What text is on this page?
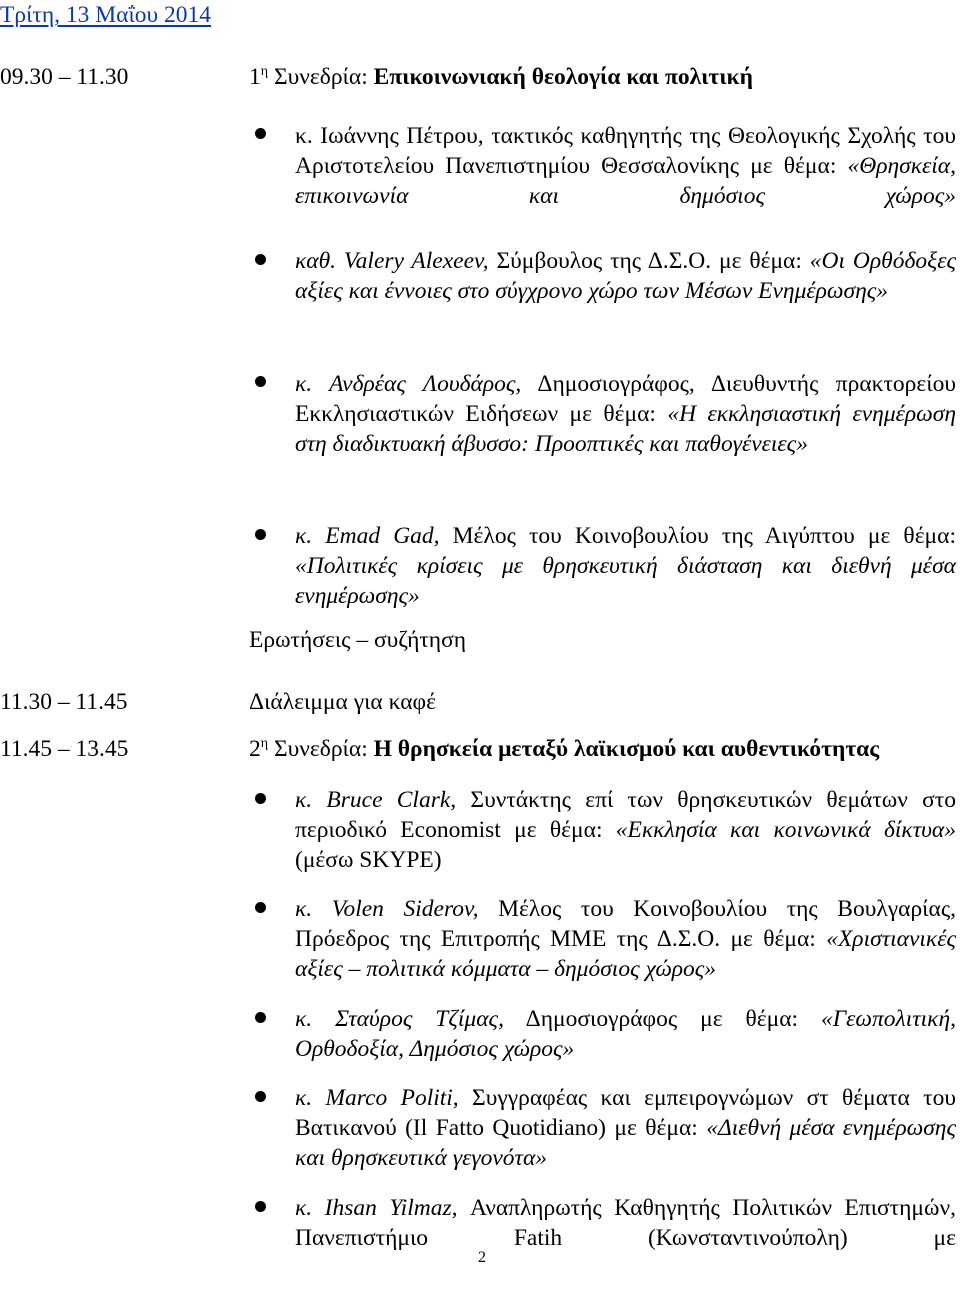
Τρίτη, 13 Μαΐου 2014
09.30 – 11.30	$1^\eta$ Συνεδρία: Επικοινωνιακή θεολογία και πολιτική
κ. Ιωάννης Πέτρου, τακτικός καθηγητής της Θεολογικής Σχολής του Αριστοτελείου Πανεπιστημίου Θεσσαλονίκης με θέμα: «Θρησκεία, επικοινωνία και δημόσιος χώρος»
καθ. Valery Alexeev, Σύμβουλος της Δ.Σ.Ο. με θέμα: «Οι Ορθόδοξες αξίες και έννοιες στο σύγχρονο χώρο των Μέσων Ενημέρωσης»
κ. Ανδρέας Λουδάρος, Δημοσιογράφος, Διευθυντής πρακτορείου Εκκλησιαστικών Ειδήσεων με θέμα: «Η εκκλησιαστική ενημέρωση στη διαδικτυακή άβυσσο: Προοπτικές και παθογένειες»
κ. Emad Gad, Μέλος του Κοινοβουλίου της Αιγύπτου με θέμα: «Πολιτικές κρίσεις με θρησκευτική διάσταση και διεθνή μέσα ενημέρωσης»
Ερωτήσεις – συζήτηση
11.30 – 11.45	Διάλειμμα για καφέ
11.45 – 13.45	$2^\eta$ Συνεδρία: Η θρησκεία μεταξύ λαϊκισμού και αυθεντικότητας
κ. Bruce Clark, Συντάκτης επί των θρησκευτικών θεμάτων στο περιοδικό Economist με θέμα: «Εκκλησία και κοινωνικά δίκτυα» (μέσω SKYPE)
κ. Volen Siderov, Μέλος του Κοινοβουλίου της Βουλγαρίας, Πρόεδρος της Επιτροπής ΜΜΕ της Δ.Σ.Ο. με θέμα: «Χριστιανικές αξίες – πολιτικά κόμματα – δημόσιος χώρος»
κ. Σταύρος Τζίμας, Δημοσιογράφος με θέμα: «Γεωπολιτική, Ορθοδοξία, Δημόσιος χώρος»
κ. Marco Politi, Συγγραφέας και εμπειρογνώμων στ θέματα του Βατικανού (Il Fatto Quotidiano) με θέμα: «Διεθνή μέσα ενημέρωσης και θρησκευτικά γεγονότα»
κ. Ihsan Yilmaz, Αναπληρωτής Καθηγητής Πολιτικών Επιστημών, Πανεπιστήμιο Fatih (Κωνσταντινούπολη) με
2
